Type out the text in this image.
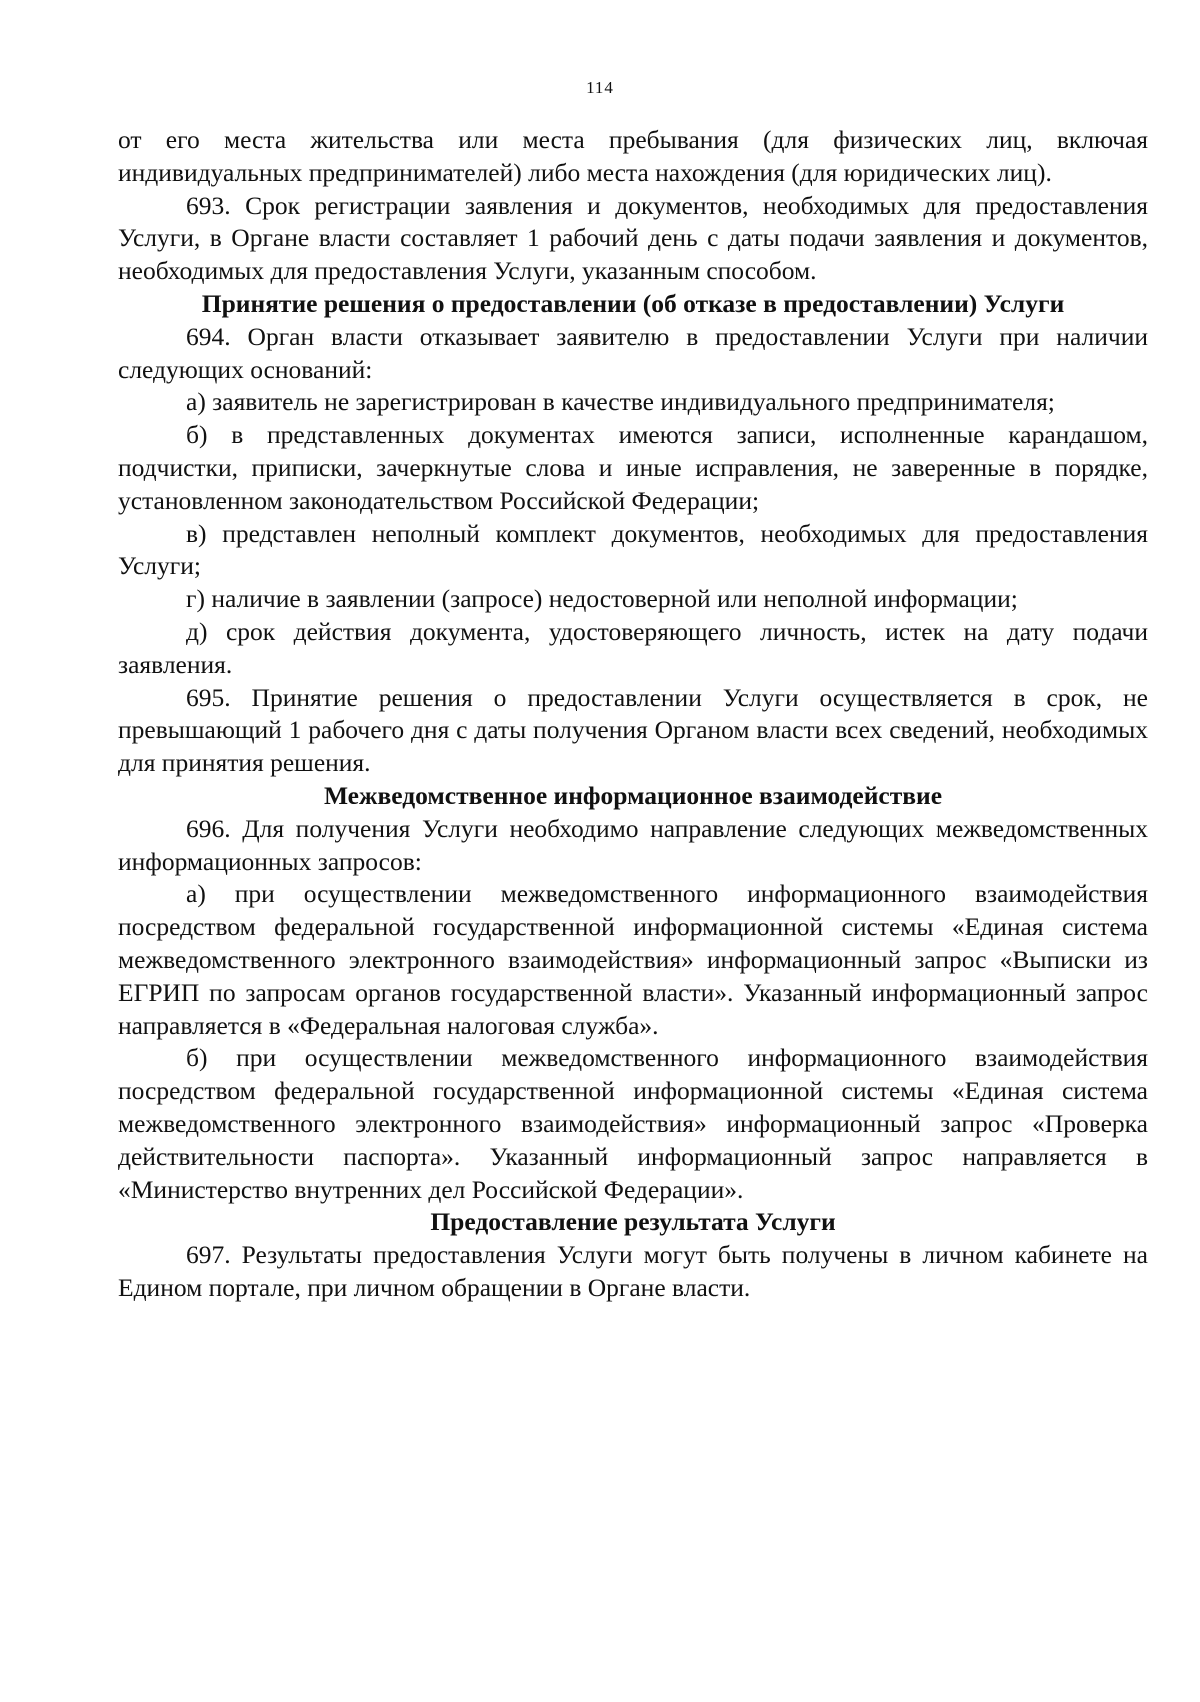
114

от его места жительства или места пребывания (для физических лиц, включая индивидуальных предпринимателей) либо места нахождения (для юридических лиц).

693. Срок регистрации заявления и документов, необходимых для предоставления Услуги, в Органе власти составляет 1 рабочий день с даты подачи заявления и документов, необходимых для предоставления Услуги, указанным способом.

Принятие решения о предоставлении (об отказе в предоставлении) Услуги

694. Орган власти отказывает заявителю в предоставлении Услуги при наличии следующих оснований:

а) заявитель не зарегистрирован в качестве индивидуального предпринимателя;

б) в представленных документах имеются записи, исполненные карандашом, подчистки, приписки, зачеркнутые слова и иные исправления, не заверенные в порядке, установленном законодательством Российской Федерации;

в) представлен неполный комплект документов, необходимых для предоставления Услуги;

г) наличие в заявлении (запросе) недостоверной или неполной информации;

д) срок действия документа, удостоверяющего личность, истек на дату подачи заявления.

695. Принятие решения о предоставлении Услуги осуществляется в срок, не превышающий 1 рабочего дня с даты получения Органом власти всех сведений, необходимых для принятия решения.

Межведомственное информационное взаимодействие

696. Для получения Услуги необходимо направление следующих межведомственных информационных запросов:

а) при осуществлении межведомственного информационного взаимодействия посредством федеральной государственной информационной системы «Единая система межведомственного электронного взаимодействия» информационный запрос «Выписки из ЕГРИП по запросам органов государственной власти». Указанный информационный запрос направляется в «Федеральная налоговая служба».

б) при осуществлении межведомственного информационного взаимодействия посредством федеральной государственной информационной системы «Единая система межведомственного электронного взаимодействия» информационный запрос «Проверка действительности паспорта». Указанный информационный запрос направляется в «Министерство внутренних дел Российской Федерации».

Предоставление результата Услуги

697. Результаты предоставления Услуги могут быть получены в личном кабинете на Едином портале, при личном обращении в Органе власти.
